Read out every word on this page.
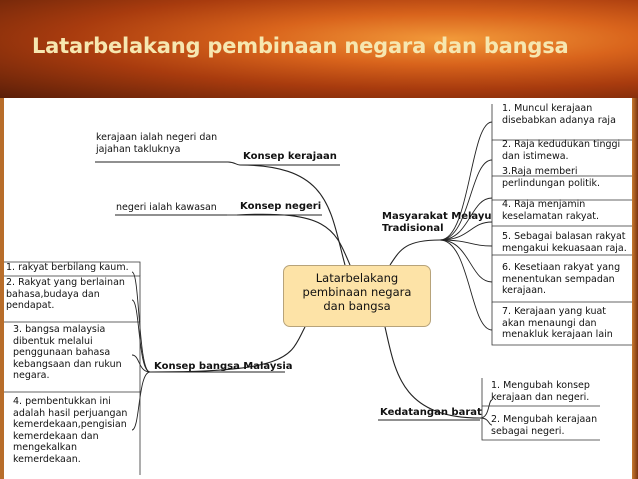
Latarbelakang pembinaan negara dan bangsa
Latarbelakang
pembinaan negara
dan bangsa
kerajaan ialah negeri dan
jajahan takluknya
Konsep kerajaan
negeri ialah kawasan Konsep negeri
Masyarakat Melayu
Tradisional
1. Muncul kerajaan
disebabkan adanya raja
2. Raja kedudukan tinggi
dan istimewa.
3.Raja memberi
perlindungan politik.
4. Raja menjamin
keselamatan rakyat.
5. Sebagai balasan rakyat
mengakui kekuasaan raja.
6. Kesetiaan rakyat yang
menentukan sempadan
kerajaan.
7. Kerajaan yang kuat
akan menaungi dan
menakluk kerajaan lain
Konsep bangsa Malaysia
1. rakyat berbilang kaum.
2. Rakyat yang berlainan
bahasa,budaya dan
pendapat.
3. bangsa malaysia
dibentuk melalui
penggunaan bahasa
kebangsaan dan rukun
negara.
4. pembentukkan ini
adalah hasil perjuangan
kemerdekaan,pengisian
kemerdekaan dan
mengekalkan
kemerdekaan.
Kedatangan barat
1. Mengubah konsep
kerajaan dan negeri.
2. Mengubah kerajaan
sebagai negeri.
